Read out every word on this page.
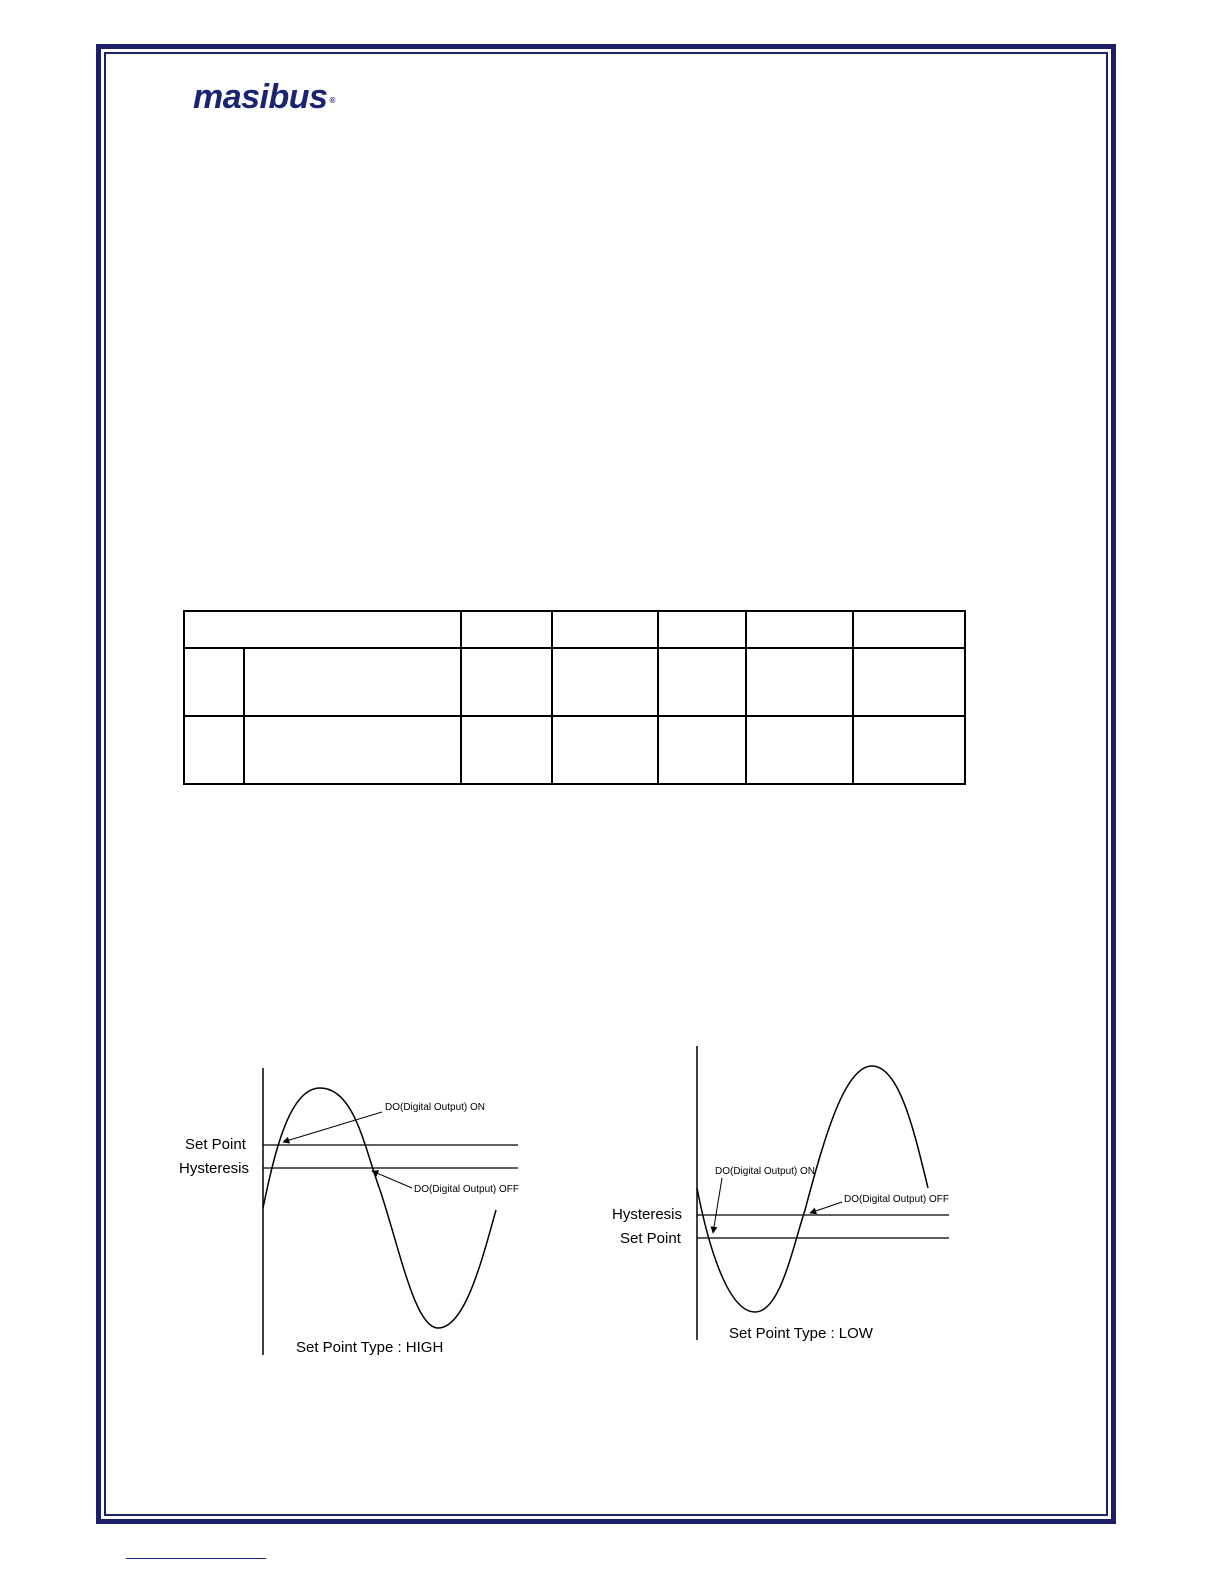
masibus ®

Set Point
Hysteresis
DO(Digital Output) ON
DO(Digital Output) OFF
Set Point Type : HIGH
Hysteresis
Set Point
DO(Digital Output) ON
DO(Digital Output) OFF
Set Point Type : LOW
